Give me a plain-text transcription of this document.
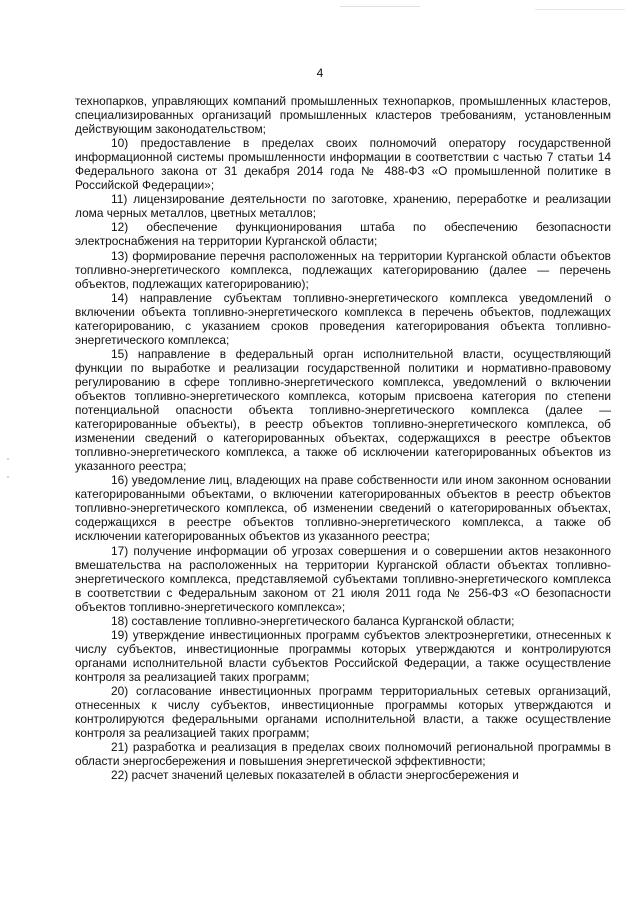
4

технопарков, управляющих компаний промышленных технопарков, промышленных кластеров, специализированных организаций промышленных кластеров требованиям, установленным действующим законодательством;

10) предоставление в пределах своих полномочий оператору государственной информационной системы промышленности информации в соответствии с частью 7 статьи 14 Федерального закона от 31 декабря 2014 года № 488-ФЗ «О промышленной политике в Российской Федерации»;

11) лицензирование деятельности по заготовке, хранению, переработке и реализации лома черных металлов, цветных металлов;

12) обеспечение функционирования штаба по обеспечению безопасности электроснабжения на территории Курганской области;

13) формирование перечня расположенных на территории Курганской области объектов топливно-энергетического комплекса, подлежащих категорированию (далее — перечень объектов, подлежащих категорированию);

14) направление субъектам топливно-энергетического комплекса уведомлений о включении объекта топливно-энергетического комплекса в перечень объектов, подлежащих категорированию, с указанием сроков проведения категорирования объекта топливно-энергетического комплекса;

15) направление в федеральный орган исполнительной власти, осуществляющий функции по выработке и реализации государственной политики и нормативно-правовому регулированию в сфере топливно-энергетического комплекса, уведомлений о включении объектов топливно-энергетического комплекса, которым присвоена категория по степени потенциальной опасности объекта топливно-энергетического комплекса (далее — категорированные объекты), в реестр объектов топливно-энергетического комплекса, об изменении сведений о категорированных объектах, содержащихся в реестре объектов топливно-энергетического комплекса, а также об исключении категорированных объектов из указанного реестра;

16) уведомление лиц, владеющих на праве собственности или ином законном основании категорированными объектами, о включении категорированных объектов в реестр объектов топливно-энергетического комплекса, об изменении сведений о категорированных объектах, содержащихся в реестре объектов топливно-энергетического комплекса, а также об исключении категорированных объектов из указанного реестра;

17) получение информации об угрозах совершения и о совершении актов незаконного вмешательства на расположенных на территории Курганской области объектах топливно-энергетического комплекса, представляемой субъектами топливно-энергетического комплекса в соответствии с Федеральным законом от 21 июля 2011 года № 256-ФЗ «О безопасности объектов топливно-энергетического комплекса»;

18) составление топливно-энергетического баланса Курганской области;

19) утверждение инвестиционных программ субъектов электроэнергетики, отнесенных к числу субъектов, инвестиционные программы которых утверждаются и контролируются органами исполнительной власти субъектов Российской Федерации, а также осуществление контроля за реализацией таких программ;

20) согласование инвестиционных программ территориальных сетевых организаций, отнесенных к числу субъектов, инвестиционные программы которых утверждаются и контролируются федеральными органами исполнительной власти, а также осуществление контроля за реализацией таких программ;

21) разработка и реализация в пределах своих полномочий региональной программы в области энергосбережения и повышения энергетической эффективности;

22) расчет значений целевых показателей в области энергосбережения и
